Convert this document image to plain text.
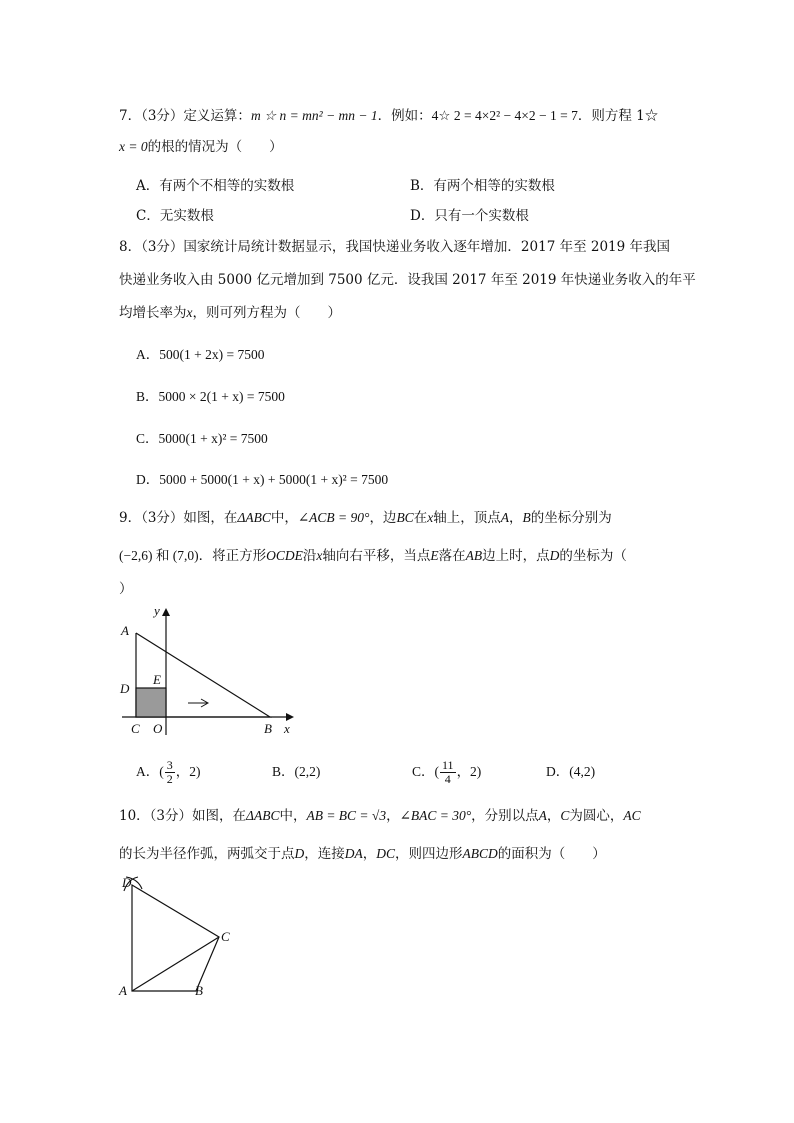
7．（3分）定义运算：m ☆ n = mn² − mn − 1．例如：4☆ 2 = 4×2² − 4×2 − 1 = 7．则方程 1☆
x = 0的根的情况为（　　）
A．有两个不相等的实数根	B．有两个相等的实数根
C．无实数根	D．只有一个实数根
8．（3分）国家统计局统计数据显示，我国快递业务收入逐年增加．2017 年至 2019 年我国
快递业务收入由 5000 亿元增加到 7500 亿元．设我国 2017 年至 2019 年快递业务收入的年平
均增长率为x，则可列方程为（　　）
A．500(1 + 2x) = 7500
B．5000 × 2(1 + x) = 7500
C．5000(1 + x)² = 7500
D．5000 + 5000(1 + x) + 5000(1 + x)² = 7500
9．（3分）如图，在ΔABC中，∠ACB = 90°，边BC在x轴上，顶点A，B的坐标分别为
(−2,6) 和 (7,0)．将正方形OCDE沿x轴向右平移，当点E落在AB边上时，点D的坐标为（
）
A
y
D
E
C O	B x
A．( $\frac{3}{2}$ ，2)	B．(2,2)	C．( $\frac{11}{4}$ ，2)	D．(4,2)
10．（3分）如图，在ΔABC中，AB = BC = √3，∠BAC = 30°，分别以点A，C为圆心，AC
的长为半径作弧，两弧交于点D，连接DA，DC，则四边形ABCD的面积为（　　）
D
C
A	B
